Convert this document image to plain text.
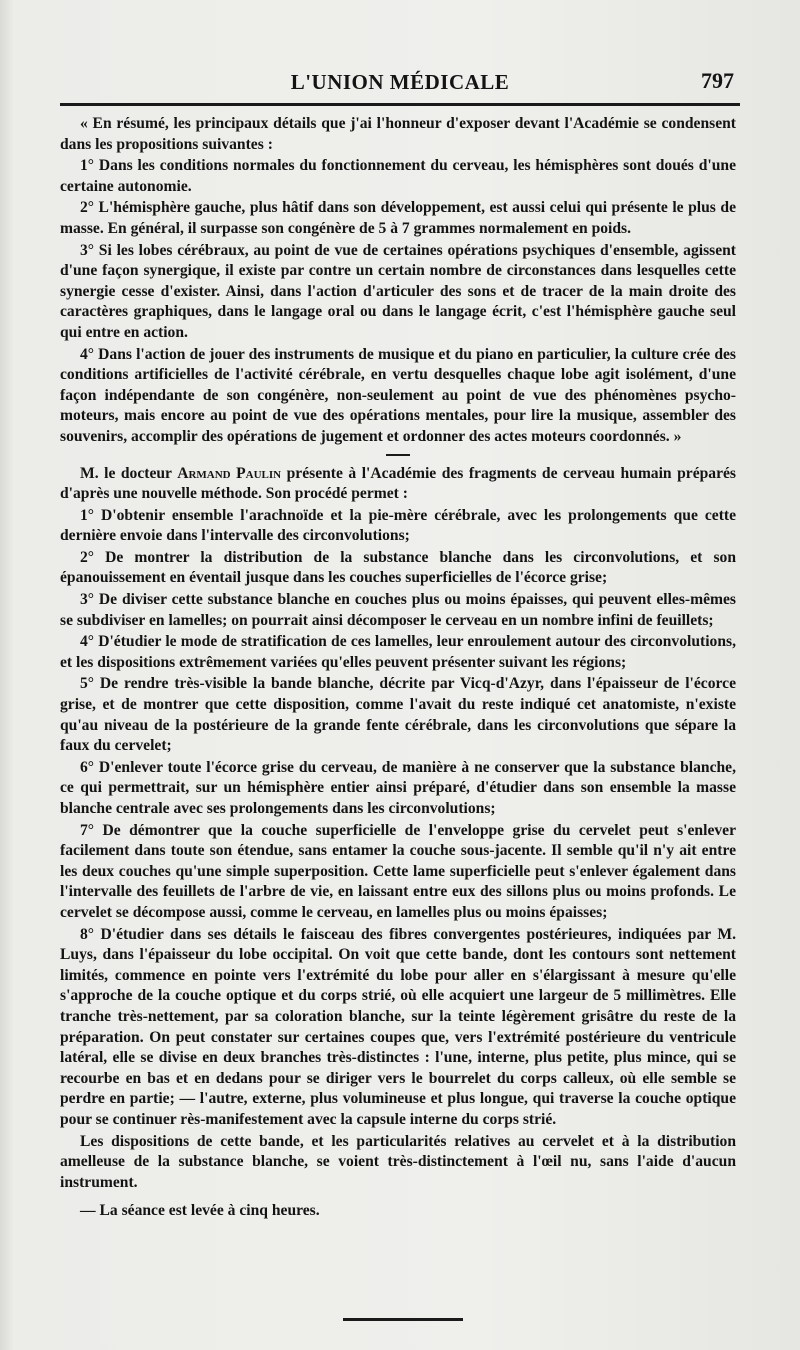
L'UNION MÉDICALE	797

« En résumé, les principaux détails que j'ai l'honneur d'exposer devant l'Académie se condensent dans les propositions suivantes :

1° Dans les conditions normales du fonctionnement du cerveau, les hémisphères sont doués d'une certaine autonomie.

2° L'hémisphère gauche, plus hâtif dans son développement, est aussi celui qui présente le plus de masse. En général, il surpasse son congénère de 5 à 7 grammes normalement en poids.

3° Si les lobes cérébraux, au point de vue de certaines opérations psychiques d'ensemble, agissent d'une façon synergique, il existe par contre un certain nombre de circonstances dans lesquelles cette synergie cesse d'exister. Ainsi, dans l'action d'articuler des sons et de tracer de la main droite des caractères graphiques, dans le langage oral ou dans le langage écrit, c'est l'hémisphère gauche seul qui entre en action.

4° Dans l'action de jouer des instruments de musique et du piano en particulier, la culture crée des conditions artificielles de l'activité cérébrale, en vertu desquelles chaque lobe agit isolément, d'une façon indépendante de son congénère, non-seulement au point de vue des phénomènes psycho-moteurs, mais encore au point de vue des opérations mentales, pour lire la musique, assembler des souvenirs, accomplir des opérations de jugement et ordonner des actes moteurs coordonnés. »

M. le docteur Armand Paulin présente à l'Académie des fragments de cerveau humain préparés d'après une nouvelle méthode. Son procédé permet :

1° D'obtenir ensemble l'arachnoïde et la pie-mère cérébrale, avec les prolongements que cette dernière envoie dans l'intervalle des circonvolutions;

2° De montrer la distribution de la substance blanche dans les circonvolutions, et son épanouissement en éventail jusque dans les couches superficielles de l'écorce grise;

3° De diviser cette substance blanche en couches plus ou moins épaisses, qui peuvent elles-mêmes se subdiviser en lamelles; on pourrait ainsi décomposer le cerveau en un nombre infini de feuillets;

4° D'étudier le mode de stratification de ces lamelles, leur enroulement autour des circonvolutions, et les dispositions extrêmement variées qu'elles peuvent présenter suivant les régions;

5° De rendre très-visible la bande blanche, décrite par Vicq-d'Azyr, dans l'épaisseur de l'écorce grise, et de montrer que cette disposition, comme l'avait du reste indiqué cet anatomiste, n'existe qu'au niveau de la postérieure de la grande fente cérébrale, dans les circonvolutions que sépare la faux du cervelet;

6° D'enlever toute l'écorce grise du cerveau, de manière à ne conserver que la substance blanche, ce qui permettrait, sur un hémisphère entier ainsi préparé, d'étudier dans son ensemble la masse blanche centrale avec ses prolongements dans les circonvolutions;

7° De démontrer que la couche superficielle de l'enveloppe grise du cervelet peut s'enlever facilement dans toute son étendue, sans entamer la couche sous-jacente. Il semble qu'il n'y ait entre les deux couches qu'une simple superposition. Cette lame superficielle peut s'enlever également dans l'intervalle des feuillets de l'arbre de vie, en laissant entre eux des sillons plus ou moins profonds. Le cervelet se décompose aussi, comme le cerveau, en lamelles plus ou moins épaisses;

8° D'étudier dans ses détails le faisceau des fibres convergentes postérieures, indiquées par M. Luys, dans l'épaisseur du lobe occipital. On voit que cette bande, dont les contours sont nettement limités, commence en pointe vers l'extrémité du lobe pour aller en s'élargissant à mesure qu'elle s'approche de la couche optique et du corps strié, où elle acquiert une largeur de 5 millimètres. Elle tranche très-nettement, par sa coloration blanche, sur la teinte légèrement grisâtre du reste de la préparation. On peut constater sur certaines coupes que, vers l'extrémité postérieure du ventricule latéral, elle se divise en deux branches très-distinctes : l'une, interne, plus petite, plus mince, qui se recourbe en bas et en dedans pour se diriger vers le bourrelet du corps calleux, où elle semble se perdre en partie; — l'autre, externe, plus volumineuse et plus longue, qui traverse la couche optique pour se continuer rès-manifestement avec la capsule interne du corps strié.

Les dispositions de cette bande, et les particularités relatives au cervelet et à la distribution amelleuse de la substance blanche, se voient très-distinctement à l'œil nu, sans l'aide d'aucun instrument.

— La séance est levée à cinq heures.
